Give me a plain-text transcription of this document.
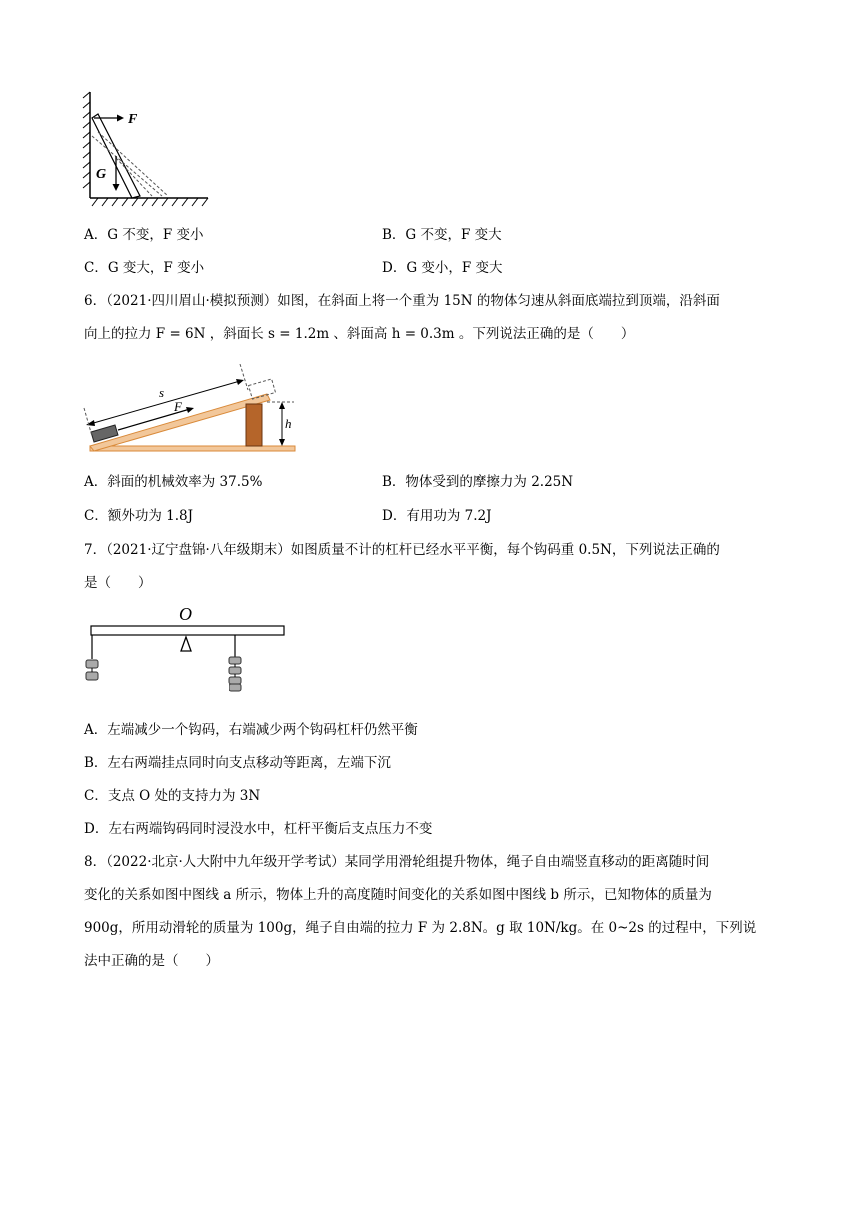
F
G
A．G 不变，F 变小	B．G 不变，F 变大
C．G 变大，F 变小	D．G 变小，F 变大
6．（2021·四川眉山·模拟预测）如图，在斜面上将一个重为 15N 的物体匀速从斜面底端拉到顶端，沿斜面
向上的拉力 F = 6N ，斜面长 s = 1.2m 、斜面高 h = 0.3m 。下列说法正确的是（　　）
s
F
h
A．斜面的机械效率为 37.5%	B．物体受到的摩擦力为 2.25N
C．额外功为 1.8J	D．有用功为 7.2J
7．（2021·辽宁盘锦·八年级期末）如图质量不计的杠杆已经水平平衡，每个钩码重 0.5N，下列说法正确的
是（　　）
O
A．左端减少一个钩码，右端减少两个钩码杠杆仍然平衡
B．左右两端挂点同时向支点移动等距离，左端下沉
C．支点 O 处的支持力为 3N
D．左右两端钩码同时浸没水中，杠杆平衡后支点压力不变
8．（2022·北京·人大附中九年级开学考试）某同学用滑轮组提升物体，绳子自由端竖直移动的距离随时间
变化的关系如图中图线 a 所示，物体上升的高度随时间变化的关系如图中图线 b 所示，已知物体的质量为
900g，所用动滑轮的质量为 100g，绳子自由端的拉力 F 为 2.8N。g 取 10N/kg。在 0~2s 的过程中，下列说
法中正确的是（　　）
